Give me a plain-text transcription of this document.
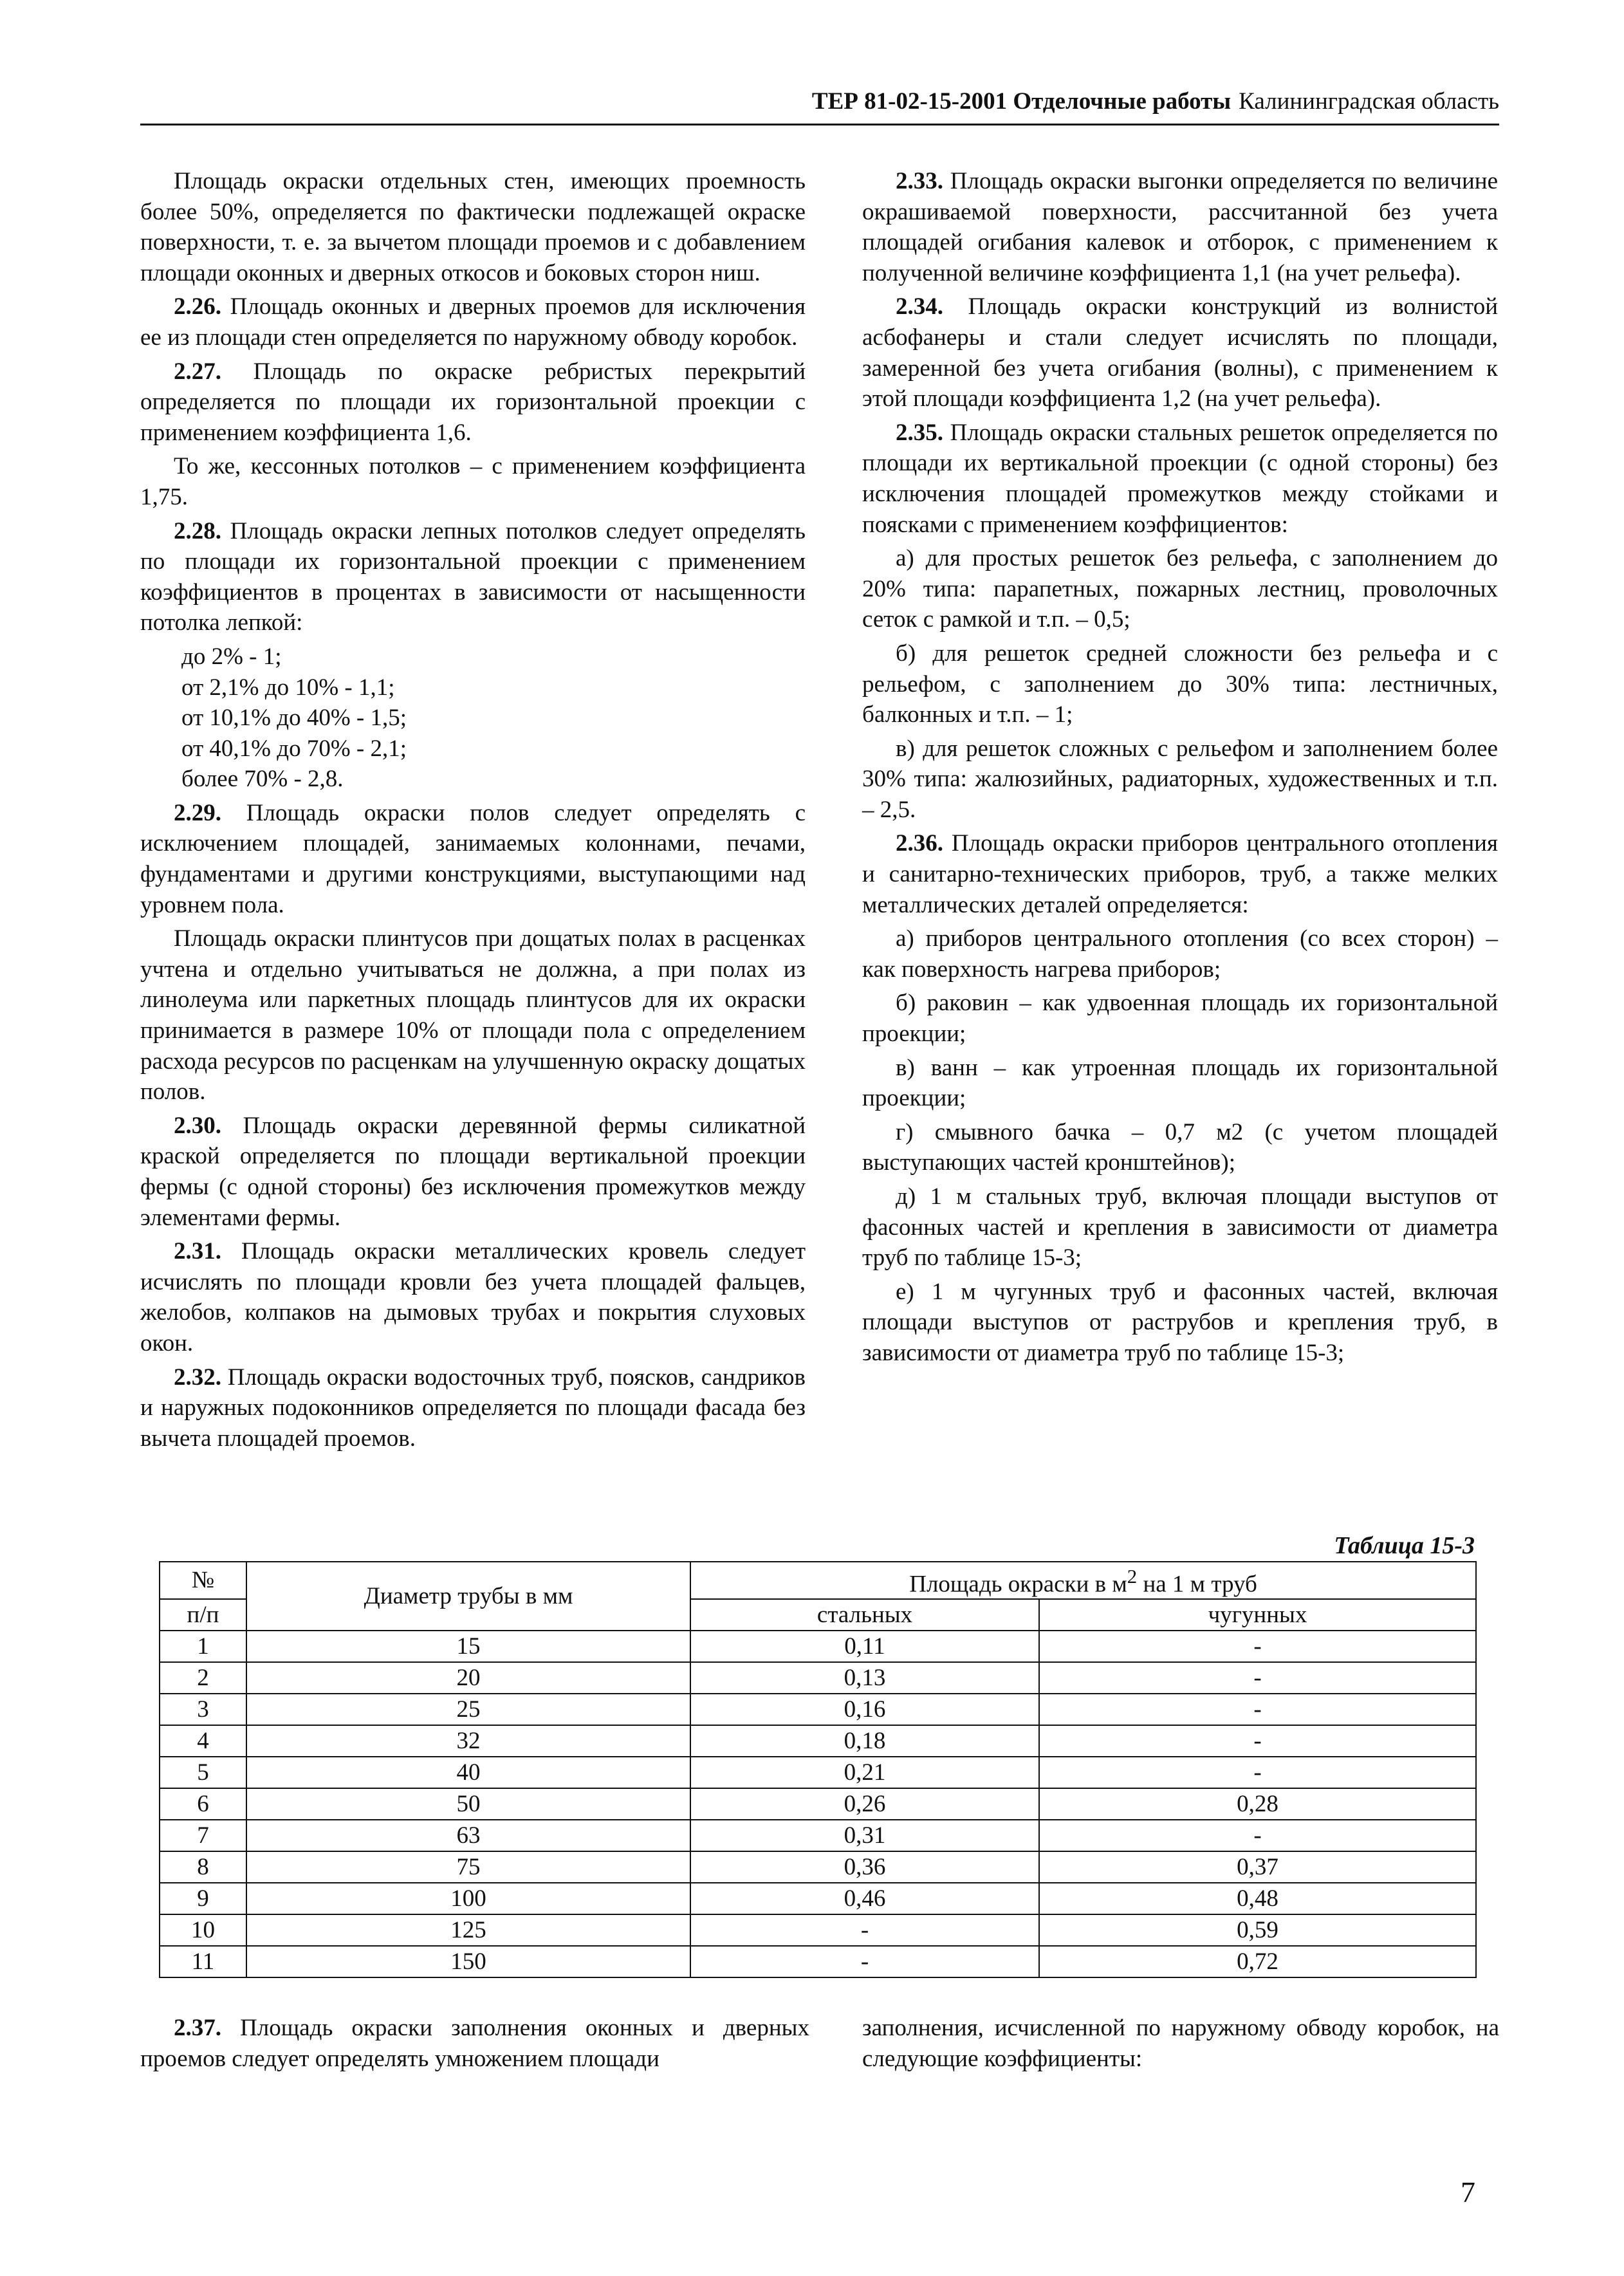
ТЕР 81-02-15-2001 Отделочные работы Калининградская область

Площадь окраски отдельных стен, имеющих проемность более 50%, определяется по фактически подлежащей окраске поверхности, т. е. за вычетом площади проемов и с добавлением площади оконных и дверных откосов и боковых сторон ниш.

2.26. Площадь оконных и дверных проемов для исключения ее из площади стен определяется по наружному обводу коробок.

2.27. Площадь по окраске ребристых перекрытий определяется по площади их горизонтальной проекции с применением коэффициента 1,6.

То же, кессонных потолков – с применением коэффициента 1,75.

2.28. Площадь окраски лепных потолков следует определять по площади их горизонтальной проекции с применением коэффициентов в процентах в зависимости от насыщенности потолка лепкой:

до 2% - 1;

от 2,1% до 10% - 1,1;

от 10,1% до 40% - 1,5;

от 40,1% до 70% - 2,1;

более 70% - 2,8.

2.29. Площадь окраски полов следует определять с исключением площадей, занимаемых колоннами, печами, фундаментами и другими конструкциями, выступающими над уровнем пола.

Площадь окраски плинтусов при дощатых полах в расценках учтена и отдельно учитываться не должна, а при полах из линолеума или паркетных площадь плинтусов для их окраски принимается в размере 10% от площади пола с определением расхода ресурсов по расценкам на улучшенную окраску дощатых полов.

2.30. Площадь окраски деревянной фермы силикатной краской определяется по площади вертикальной проекции фермы (с одной стороны) без исключения промежутков между элементами фермы.

2.31. Площадь окраски металлических кровель следует исчислять по площади кровли без учета площадей фальцев, желобов, колпаков на дымовых трубах и покрытия слуховых окон.

2.32. Площадь окраски водосточных труб, поясков, сандриков и наружных подоконников определяется по площади фасада без вычета площадей проемов.

2.33. Площадь окраски выгонки определяется по величине окрашиваемой поверхности, рассчитанной без учета площадей огибания калевок и отборок, с применением к полученной величине коэффициента 1,1 (на учет рельефа).

2.34. Площадь окраски конструкций из волнистой асбофанеры и стали следует исчислять по площади, замеренной без учета огибания (волны), с применением к этой площади коэффициента 1,2 (на учет рельефа).

2.35. Площадь окраски стальных решеток определяется по площади их вертикальной проекции (с одной стороны) без исключения площадей промежутков между стойками и поясками с применением коэффициентов:

а) для простых решеток без рельефа, с заполнением до 20% типа: парапетных, пожарных лестниц, проволочных сеток с рамкой и т.п. – 0,5;

б) для решеток средней сложности без рельефа и с рельефом, с заполнением до 30% типа: лестничных, балконных и т.п. – 1;

в) для решеток сложных с рельефом и заполнением более 30% типа: жалюзийных, радиаторных, художественных и т.п. – 2,5.

2.36. Площадь окраски приборов центрального отопления и санитарно-технических приборов, труб, а также мелких металлических деталей определяется:

а) приборов центрального отопления (со всех сторон) – как поверхность нагрева приборов;

б) раковин – как удвоенная площадь их горизонтальной проекции;

в) ванн – как утроенная площадь их горизонтальной проекции;

г) смывного бачка – 0,7 м2 (с учетом площадей выступающих частей кронштейнов);

д) 1 м стальных труб, включая площади выступов от фасонных частей и крепления в зависимости от диаметра труб по таблице 15-3;

е) 1 м чугунных труб и фасонных частей, включая площади выступов от раструбов и крепления труб, в зависимости от диаметра труб по таблице 15-3;

Таблица 15-3
№	Диаметр трубы в мм	Площадь окраски в $м^2$ на 1 м труб	
п/п		стальных	чугунных
1	15	0,11	-
2	20	0,13	-
3	25	0,16	-
4	32	0,18	-
5	40	0,21	-
6	50	0,26	0,28
7	63	0,31	-
8	75	0,36	0,37
9	100	0,46	0,48
10	125	-	0,59
11	150	-	0,72

2.37. Площадь окраски заполнения оконных и дверных проемов следует определять умножением площади

заполнения, исчисленной по наружному обводу коробок, на следующие коэффициенты:

7
